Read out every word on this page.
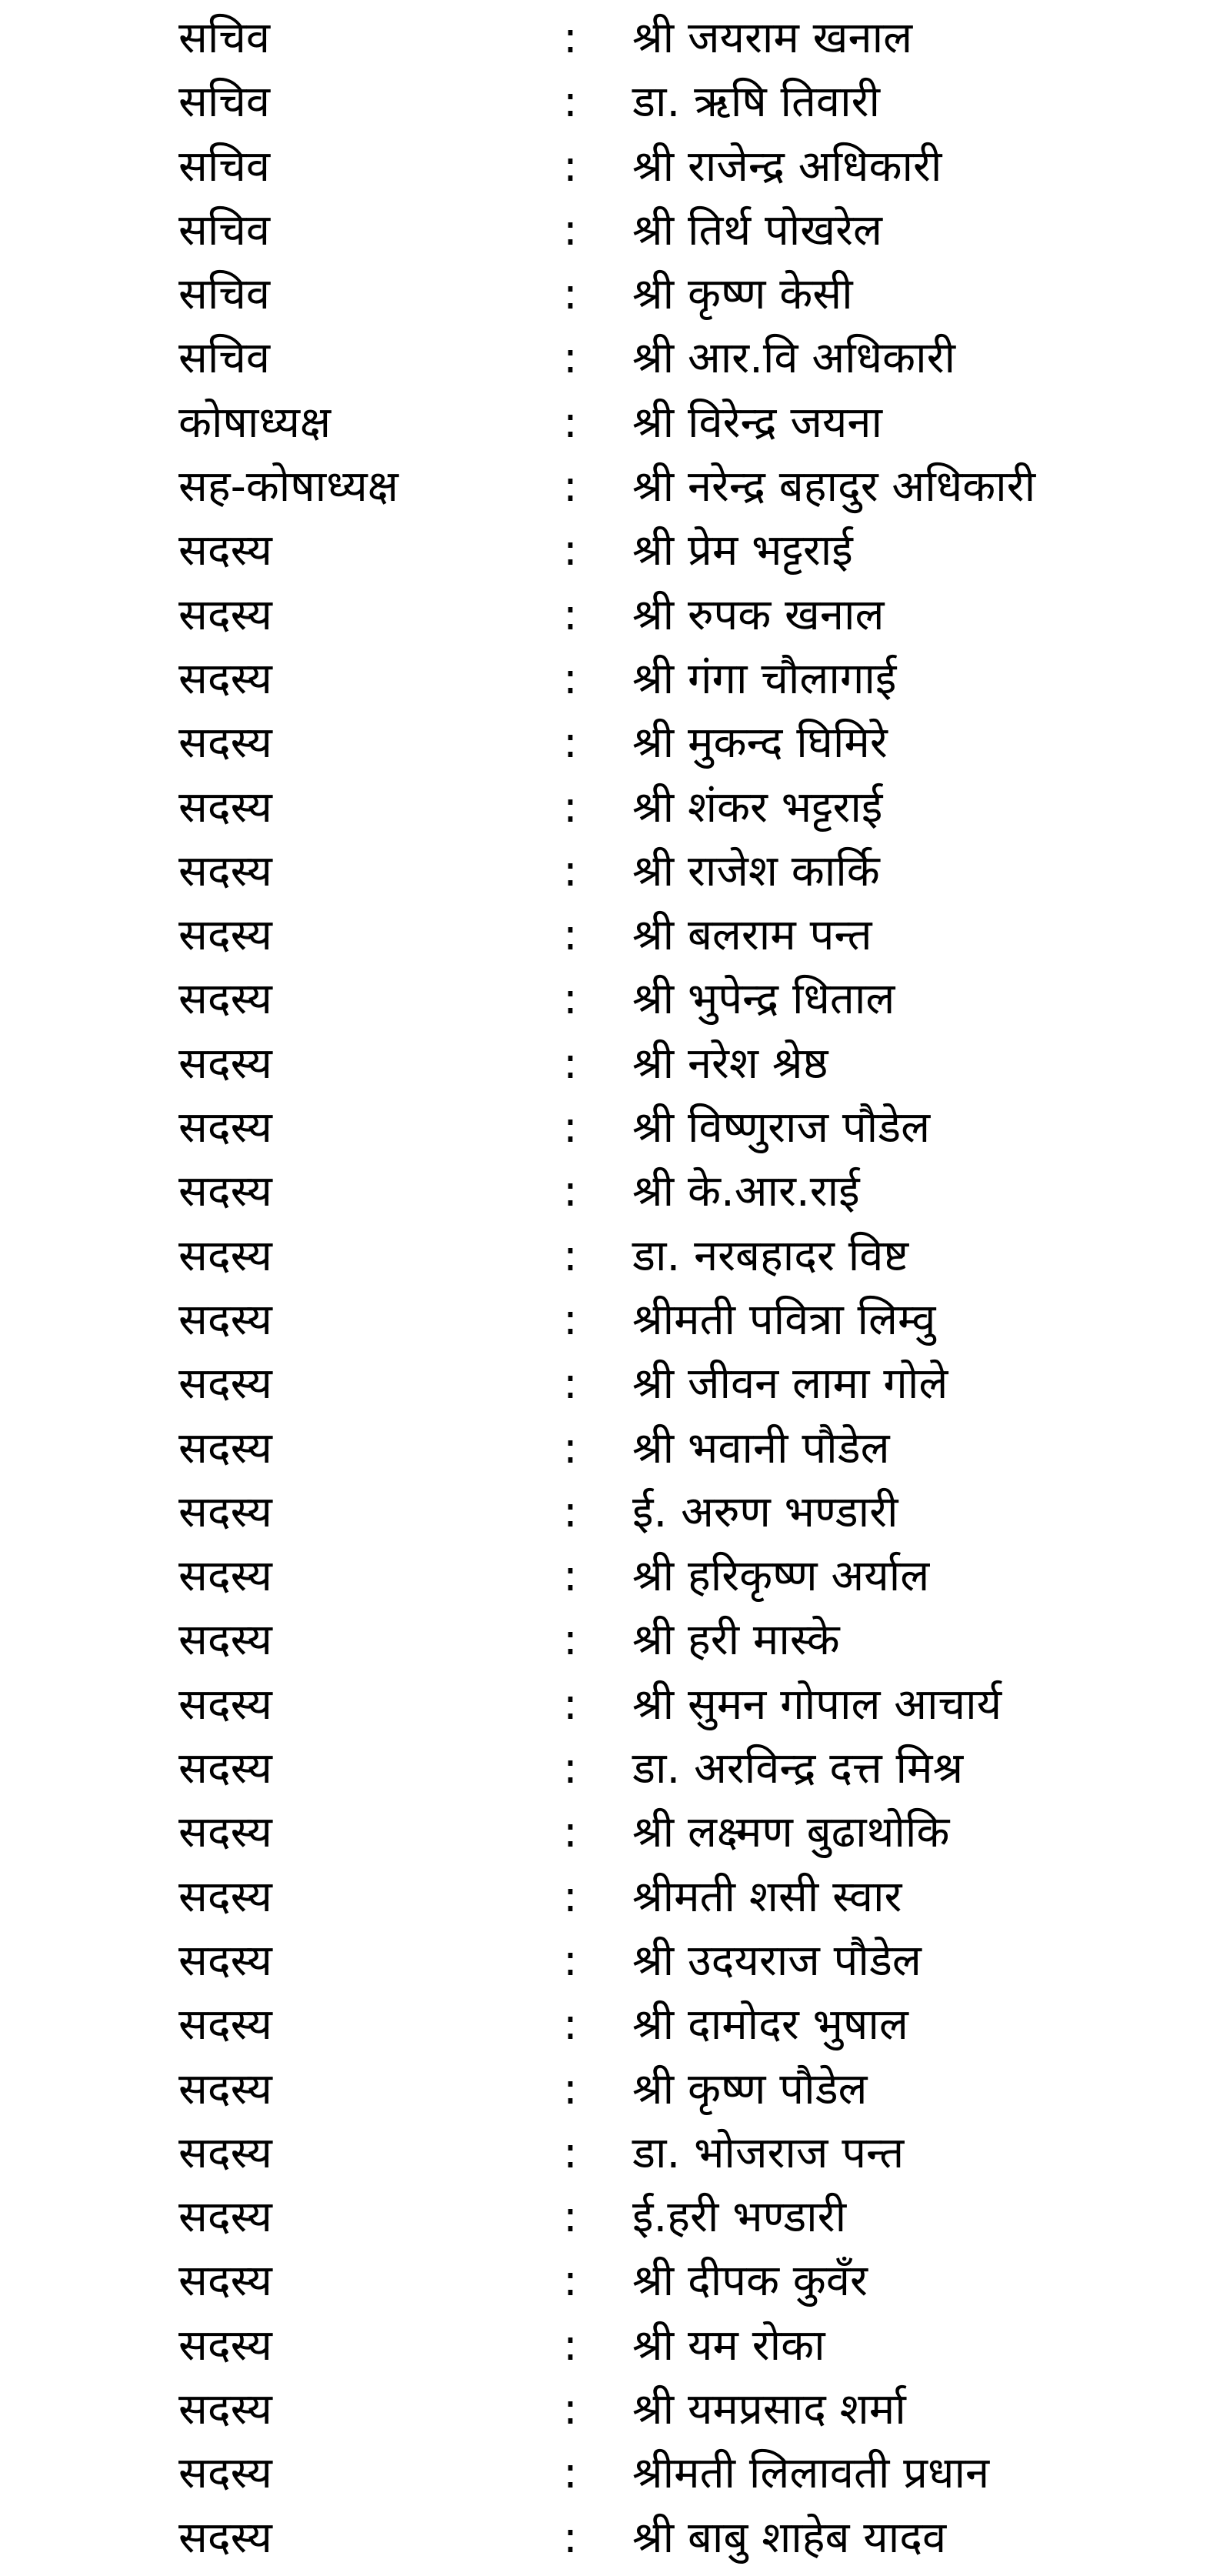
सचिव	: श्री जयराम खनाल
सचिव	: डा. ऋषि तिवारी
सचिव	: श्री राजेन्द्र अधिकारी
सचिव	: श्री तिर्थ पोखरेल
सचिव	: श्री कृष्ण केसी
सचिव	: श्री आर.वि अधिकारी
कोषाध्यक्ष	: श्री विरेन्द्र जयना
सह-कोषाध्यक्ष	: श्री नरेन्द्र बहादुर अधिकारी
सदस्य	: श्री प्रेम भट्टराई
सदस्य	: श्री रुपक खनाल
सदस्य	: श्री गंगा चौलागाई
सदस्य	: श्री मुकन्द घिमिरे
सदस्य	: श्री शंकर भट्टराई
सदस्य	: श्री राजेश कार्कि
सदस्य	: श्री बलराम पन्त
सदस्य	: श्री भुपेन्द्र धिताल
सदस्य	: श्री नरेश श्रेष्ठ
सदस्य	: श्री विष्णुराज पौडेल
सदस्य	: श्री के.आर.राई
सदस्य	: डा. नरबहादर विष्ट
सदस्य	: श्रीमती पवित्रा लिम्वु
सदस्य	: श्री जीवन लामा गोले
सदस्य	: श्री भवानी पौडेल
सदस्य	: ई. अरुण भण्डारी
सदस्य	: श्री हरिकृष्ण अर्याल
सदस्य	: श्री हरी मास्के
सदस्य	: श्री सुमन गोपाल आचार्य
सदस्य	: डा. अरविन्द्र दत्त मिश्र
सदस्य	: श्री लक्ष्मण बुढाथोकि
सदस्य	: श्रीमती शसी स्वार
सदस्य	: श्री उदयराज पौडेल
सदस्य	: श्री दामोदर भुषाल
सदस्य	: श्री कृष्ण पौडेल
सदस्य	: डा. भोजराज पन्त
सदस्य	: ई.हरी भण्डारी
सदस्य	: श्री दीपक कुवँर
सदस्य	: श्री यम रोका
सदस्य	: श्री यमप्रसाद शर्मा
सदस्य	: श्रीमती लिलावती प्रधान
सदस्य	: श्री बाबु शाहेब यादव
